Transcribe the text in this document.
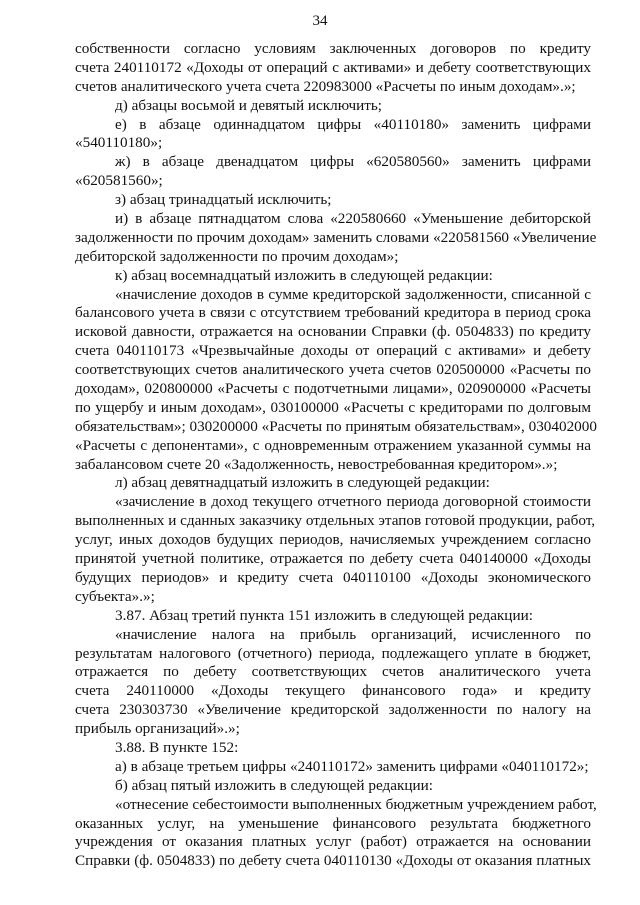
34
собственности согласно условиям заключенных договоров по кредиту
счета 240110172 «Доходы от операций с активами» и дебету соответствующих
счетов аналитического учета счета 220983000 «Расчеты по иным доходам».»;
д) абзацы восьмой и девятый исключить;
е) в абзаце одиннадцатом цифры «40110180» заменить цифрами
«540110180»;
ж) в абзаце двенадцатом цифры «620580560» заменить цифрами
«620581560»;
з) абзац тринадцатый исключить;
и) в абзаце пятнадцатом слова «220580660 «Уменьшение дебиторской
задолженности по прочим доходам» заменить словами «220581560 «Увеличение
дебиторской задолженности по прочим доходам»;
к) абзац восемнадцатый изложить в следующей редакции:
«начисление доходов в сумме кредиторской задолженности, списанной с
балансового учета в связи с отсутствием требований кредитора в период срока
исковой давности, отражается на основании Справки (ф. 0504833) по кредиту
счета 040110173 «Чрезвычайные доходы от операций с активами» и дебету
соответствующих счетов аналитического учета счетов 020500000 «Расчеты по
доходам», 020800000 «Расчеты с подотчетными лицами», 020900000 «Расчеты
по ущербу и иным доходам», 030100000 «Расчеты с кредиторами по долговым
обязательствам»; 030200000 «Расчеты по принятым обязательствам», 030402000
«Расчеты с депонентами», с одновременным отражением указанной суммы на
забалансовом счете 20 «Задолженность, невостребованная кредитором».»;
л) абзац девятнадцатый изложить в следующей редакции:
«зачисление в доход текущего отчетного периода договорной стоимости
выполненных и сданных заказчику отдельных этапов готовой продукции, работ,
услуг, иных доходов будущих периодов, начисляемых учреждением согласно
принятой учетной политике, отражается по дебету счета 040140000 «Доходы
будущих периодов» и кредиту счета 040110100 «Доходы экономического
субъекта».»;
3.87. Абзац третий пункта 151 изложить в следующей редакции:
«начисление налога на прибыль организаций, исчисленного по
результатам налогового (отчетного) периода, подлежащего уплате в бюджет,
отражается по дебету соответствующих счетов аналитического учета
счета 240110000 «Доходы текущего финансового года» и кредиту
счета 230303730 «Увеличение кредиторской задолженности по налогу на
прибыль организаций».»;
3.88. В пункте 152:
а) в абзаце третьем цифры «240110172» заменить цифрами «040110172»;
б) абзац пятый изложить в следующей редакции:
«отнесение себестоимости выполненных бюджетным учреждением работ,
оказанных услуг, на уменьшение финансового результата бюджетного
учреждения от оказания платных услуг (работ) отражается на основании
Справки (ф. 0504833) по дебету счета 040110130 «Доходы от оказания платных
